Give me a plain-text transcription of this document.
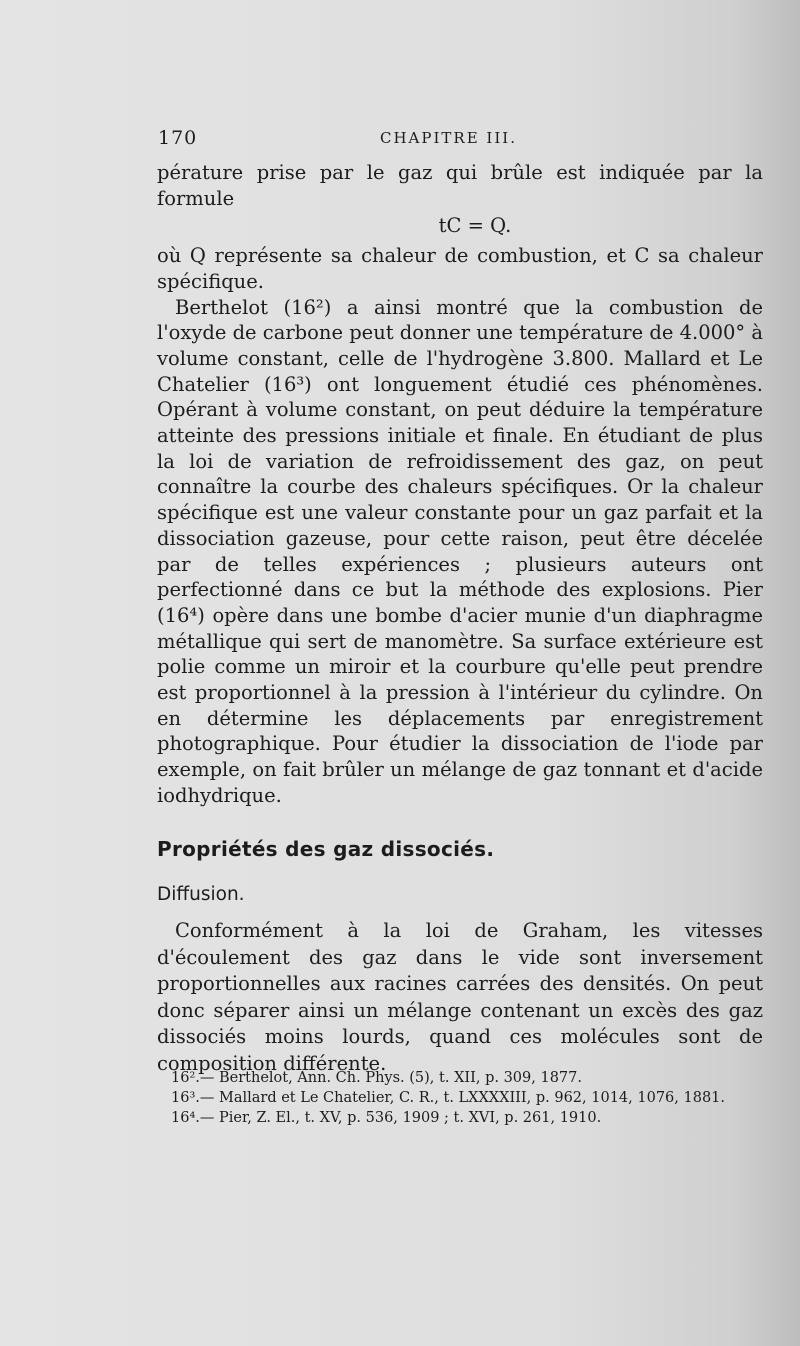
170	CHAPITRE III.

pérature prise par le gaz qui brûle est indiquée par la formule

tC = Q.

où Q représente sa chaleur de combustion, et C sa chaleur spécifique.

Berthelot (16²) a ainsi montré que la combustion de l'oxyde de carbone peut donner une température de 4.000° à volume constant, celle de l'hydrogène 3.800. Mallard et Le Chatelier (16³) ont longuement étudié ces phénomènes. Opérant à volume constant, on peut déduire la température atteinte des pressions initiale et finale. En étudiant de plus la loi de variation de refroidissement des gaz, on peut connaître la courbe des chaleurs spécifiques. Or la chaleur spécifique est une valeur constante pour un gaz parfait et la dissociation gazeuse, pour cette raison, peut être décelée par de telles expériences ; plusieurs auteurs ont perfectionné dans ce but la méthode des explosions. Pier (16⁴) opère dans une bombe d'acier munie d'un diaphragme métallique qui sert de manomètre. Sa surface extérieure est polie comme un miroir et la courbure qu'elle peut prendre est proportionnel à la pression à l'intérieur du cylindre. On en détermine les déplacements par enregistrement photographique. Pour étudier la dissociation de l'iode par exemple, on fait brûler un mélange de gaz tonnant et d'acide iodhydrique.

Propriétés des gaz dissociés.
Diffusion.

Conformément à la loi de Graham, les vitesses d'écoulement des gaz dans le vide sont inversement proportionnelles aux racines carrées des densités. On peut donc séparer ainsi un mélange contenant un excès des gaz dissociés moins lourds, quand ces molécules sont de composition différente.

16².— Berthelot, Ann. Ch. Phys. (5), t. XII, p. 309, 1877.

16³.— Mallard et Le Chatelier, C. R., t. LXXXXIII, p. 962, 1014, 1076, 1881.

16⁴.— Pier, Z. El., t. XV, p. 536, 1909 ; t. XVI, p. 261, 1910.
